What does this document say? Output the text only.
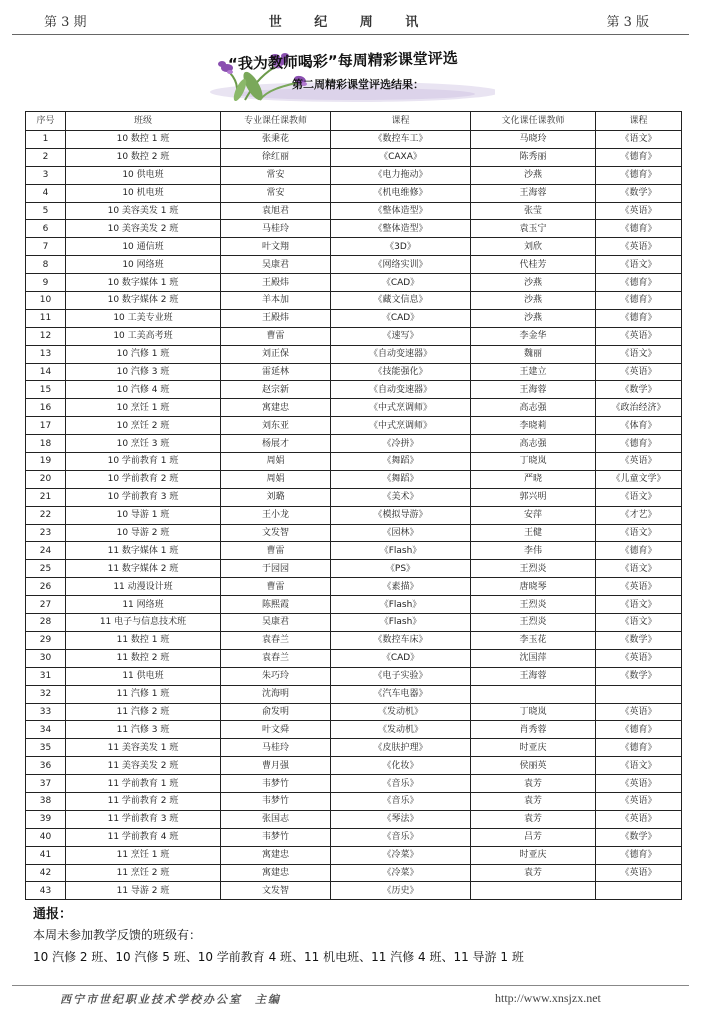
第 3 期	世 纪 周 讯	第 3 版
“我为教师喝彩”每周精彩课堂评选
第二周精彩课堂评选结果：
序号	班级	专业课任课教师	课程	文化课任课教师	课程
1	10 数控 1 班	张秉花	《数控车工》	马晓玲	《语文》
2	10 数控 2 班	徐红丽	《CAXA》	陈秀丽	《德育》
3	10 供电班	常安	《电力拖动》	沙燕	《德育》
4	10 机电班	常安	《机电维修》	王海蓉	《数学》
5	10 美容美发 1 班	袁旭君	《整体造型》	张莹	《英语》
6	10 美容美发 2 班	马桂玲	《整体造型》	袁玉宁	《德育》
7	10 通信班	叶文翔	《3D》	刘欣	《英语》
8	10 网络班	吴康君	《网络实训》	代桂芳	《语文》
9	10 数字媒体 1 班	王殿炜	《CAD》	沙燕	《德育》
10	10 数字媒体 2 班	羊本加	《藏文信息》	沙燕	《德育》
11	10 工美专业班	王殿炜	《CAD》	沙燕	《德育》
12	10 工美高考班	曹雷	《速写》	李金华	《英语》
13	10 汽修 1 班	刘正保	《自动变速器》	魏丽	《语文》
14	10 汽修 3 班	雷延林	《技能强化》	王建立	《英语》
15	10 汽修 4 班	赵宗新	《自动变速器》	王海蓉	《数学》
16	10 烹饪 1 班	寓建忠	《中式烹调师》	高志强	《政治经济》
17	10 烹饪 2 班	刘东亚	《中式烹调师》	李晓莉	《体育》
18	10 烹饪 3 班	杨展才	《冷拼》	高志强	《德育》
19	10 学前教育 1 班	周娟	《舞蹈》	丁晓岚	《英语》
20	10 学前教育 2 班	周娟	《舞蹈》	严晓	《儿童文学》
21	10 学前教育 3 班	刘璐	《美术》	郭兴明	《语文》
22	10 导游 1 班	王小龙	《模拟导游》	安萍	《才艺》
23	10 导游 2 班	文发智	《园林》	王健	《语文》
24	11 数字媒体 1 班	曹雷	《Flash》	李伟	《德育》
25	11 数字媒体 2 班	于园园	《PS》	王烈炎	《语文》
26	11 动漫设计班	曹雷	《素描》	唐晓琴	《英语》
27	11 网络班	陈熙霞	《Flash》	王烈炎	《语文》
28	11 电子与信息技术班	吴康君	《Flash》	王烈炎	《语文》
29	11 数控 1 班	袁春兰	《数控车床》	李玉花	《数学》
30	11 数控 2 班	袁春兰	《CAD》	沈国萍	《英语》
31	11 供电班	朱巧玲	《电子实验》	王海蓉	《数学》
32	11 汽修 1 班	沈海明	《汽车电器》		
33	11 汽修 2 班	俞发明	《发动机》	丁晓岚	《英语》
34	11 汽修 3 班	叶文舜	《发动机》	肖秀蓉	《德育》
35	11 美容美发 1 班	马桂玲	《皮肤护理》	时亚庆	《德育》
36	11 美容美发 2 班	曹月强	《化妆》	侯丽英	《语文》
37	11 学前教育 1 班	韦梦竹	《音乐》	袁芳	《英语》
38	11 学前教育 2 班	韦梦竹	《音乐》	袁芳	《英语》
39	11 学前教育 3 班	张国志	《琴法》	袁芳	《英语》
40	11 学前教育 4 班	韦梦竹	《音乐》	吕芳	《数学》
41	11 烹饪 1 班	寓建忠	《冷菜》	时亚庆	《德育》
42	11 烹饪 2 班	寓建忠	《冷菜》	袁芳	《英语》
43	11 导游 2 班	文发智	《历史》		
通报：
本周未参加教学反馈的班级有：
10 汽修 2 班、10 汽修 5 班、10 学前教育 4 班、11 机电班、11 汽修 4 班、11 导游 1 班
西宁市世纪职业技术学校办公室　主编	http://www.xnsjzx.net
